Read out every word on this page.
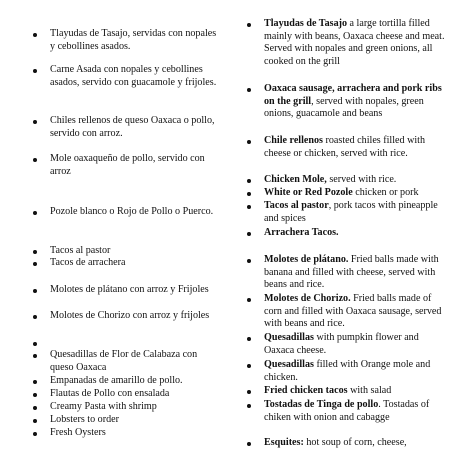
Tlayudas de Tasajo, servidas con nopales y cebollines asados.
Carne Asada con nopales y cebollines asados, servido con guacamole y frijoles.
Chiles rellenos de queso Oaxaca o pollo, servido con arroz.
Mole oaxaqueño de pollo, servido con arroz
Pozole blanco o Rojo de Pollo o Puerco.
Tacos al pastor
Tacos de arrachera
Molotes de plátano con arroz y Frijoles
Molotes de Chorizo con arroz y frijoles
Quesadillas de Flor de Calabaza con queso Oaxaca
Empanadas de amarillo de pollo.
Flautas de Pollo con ensalada
Creamy Pasta with shrimp
Lobsters to order
Fresh Oysters
Tlayudas de Tasajo a large tortilla filled mainly with beans, Oaxaca cheese and meat. Served with nopales and green onions, all cooked on the grill
Oaxaca sausage, arrachera and pork ribs on the grill, served with nopales, green onions, guacamole and beans
Chile rellenos roasted chiles filled with cheese or chicken, served with rice.
Chicken Mole, served with rice.
White or Red Pozole chicken or pork
Tacos al pastor, pork tacos with pineapple and spices
Arrachera Tacos.
Molotes de plátano. Fried balls made with banana and filled with cheese, served with beans and rice.
Molotes de Chorizo. Fried balls made of corn and filled with Oaxaca sausage, served with beans and rice.
Quesadillas with pumpkin flower and Oaxaca cheese.
Quesadillas filled with Orange mole and chicken.
Fried chicken tacos with salad
Tostadas de Tinga de pollo. Tostadas of chiken with onion and cabagge
Esquites: hot soup of corn, cheese,
